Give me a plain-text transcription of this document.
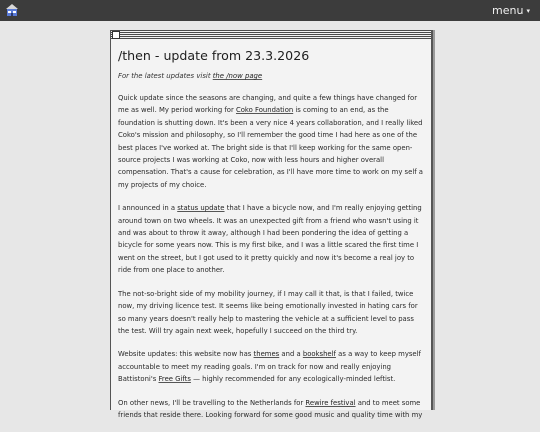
menu ▾
/then - update from 23.3.2026
For the latest updates visit the /now page

Quick update since the seasons are changing, and quite a few things have changed for me as well. My period working for Coko Foundation is coming to an end, as the foundation is shutting down. It's been a very nice 4 years collaboration, and I really liked Coko's mission and philosophy, so I'll remember the good time I had here as one of the best places I've worked at. The bright side is that I'll keep working for the same open-source projects I was working at Coko, now with less hours and higher overall compensation. That's a cause for celebration, as I'll have more time to work on my self a my projects of my choice.

I announced in a status update that I have a bicycle now, and I'm really enjoying getting around town on two wheels. It was an unexpected gift from a friend who wasn't using it and was about to throw it away, although I had been pondering the idea of getting a bicycle for some years now. This is my first bike, and I was a little scared the first time I went on the street, but I got used to it pretty quickly and now it's become a real joy to ride from one place to another.

The not-so-bright side of my mobility journey, if I may call it that, is that I failed, twice now, my driving licence test. It seems like being emotionally invested in hating cars for so many years doesn't really help to mastering the vehicle at a sufficient level to pass the test. Will try again next week, hopefully I succeed on the third try.

Website updates: this website now has themes and a bookshelf as a way to keep myself accountable to meet my reading goals. I'm on track for now and really enjoying Battistoni's Free Gifts — highly recommended for any ecologically-minded leftist.

On other news, I'll be travelling to the Netherlands for Rewire festival and to meet some friends that reside there. Looking forward for some good music and quality time with my
